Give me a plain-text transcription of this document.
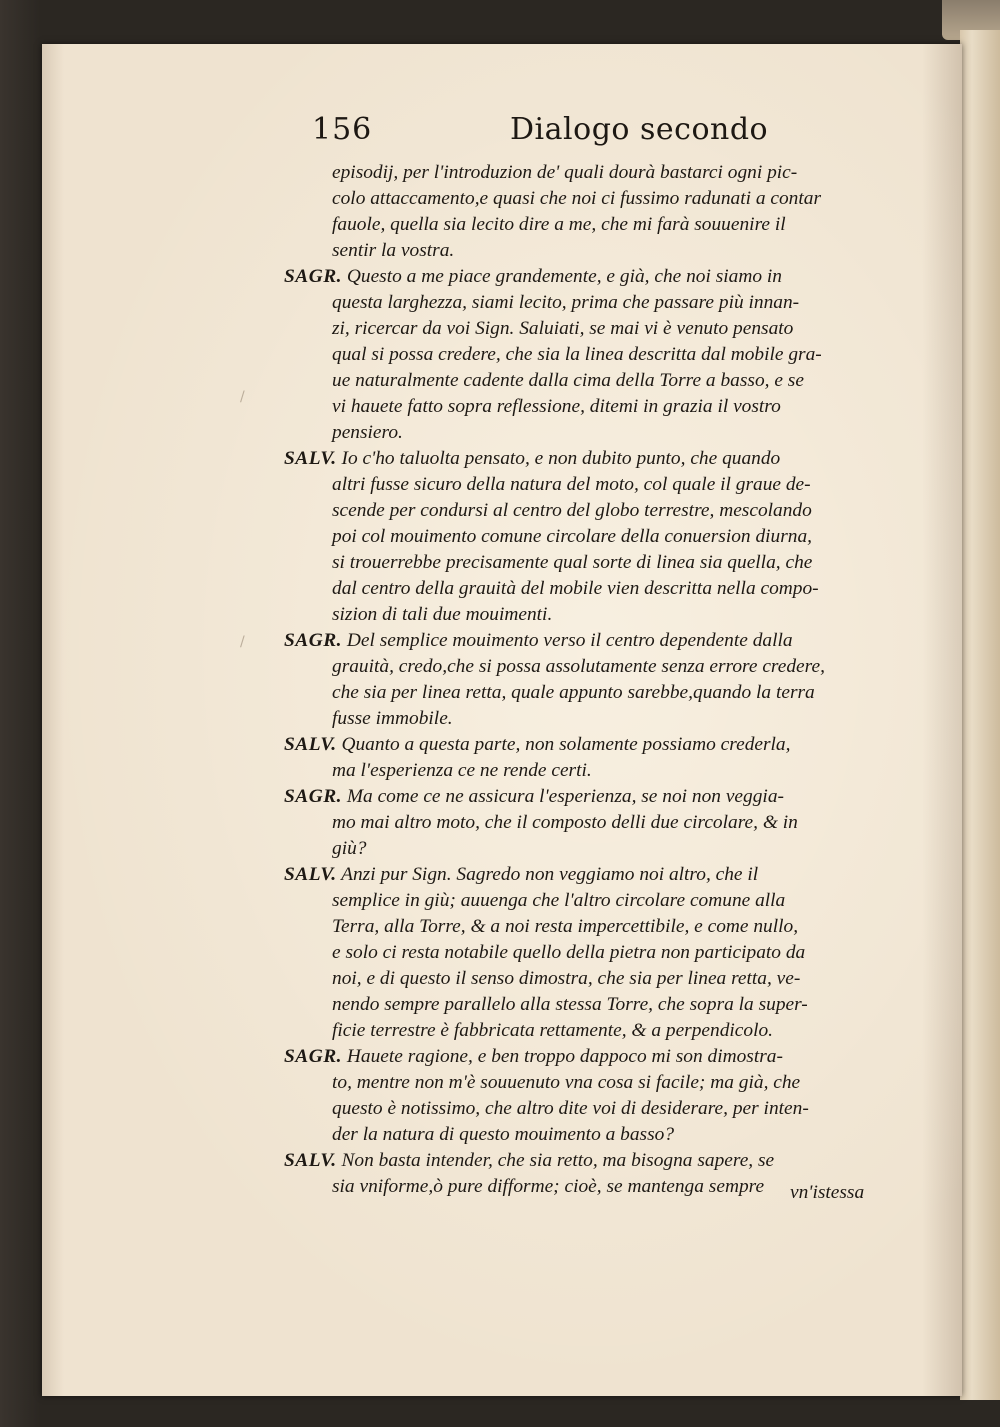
/
/
156	Dialogo secondo
episodij, per l'introduzion de' quali dourà bastarci ogni pic-
colo attaccamento,e quasi che noi ci fussimo radunati a contar
fauole, quella sia lecito dire a me, che mi farà souuenire il
sentir la vostra.
SAGR. Questo a me piace grandemente, e già, che noi siamo in
questa larghezza, siami lecito, prima che passare più innan-
zi, ricercar da voi Sign. Saluiati, se mai vi è venuto pensato
qual si possa credere, che sia la linea descritta dal mobile gra-
ue naturalmente cadente dalla cima della Torre a basso, e se
vi hauete fatto sopra reflessione, ditemi in grazia il vostro
pensiero.
SALV. Io c'ho taluolta pensato, e non dubito punto, che quando
altri fusse sicuro della natura del moto, col quale il graue de-
scende per condursi al centro del globo terrestre, mescolando
poi col mouimento comune circolare della conuersion diurna,
si trouerrebbe precisamente qual sorte di linea sia quella, che
dal centro della grauità del mobile vien descritta nella compo-
sizion di tali due mouimenti.
SAGR. Del semplice mouimento verso il centro dependente dalla
grauità, credo,che si possa assolutamente senza errore credere,
che sia per linea retta, quale appunto sarebbe,quando la terra
fusse immobile.
SALV. Quanto a questa parte, non solamente possiamo crederla,
ma l'esperienza ce ne rende certi.
SAGR. Ma come ce ne assicura l'esperienza, se noi non veggia-
mo mai altro moto, che il composto delli due circolare, & in
giù?
SALV. Anzi pur Sign. Sagredo non veggiamo noi altro, che il
semplice in giù; auuenga che l'altro circolare comune alla
Terra, alla Torre, & a noi resta impercettibile, e come nullo,
e solo ci resta notabile quello della pietra non participato da
noi, e di questo il senso dimostra, che sia per linea retta, ve-
nendo sempre parallelo alla stessa Torre, che sopra la super-
ficie terrestre è fabbricata rettamente, & a perpendicolo.
SAGR. Hauete ragione, e ben troppo dappoco mi son dimostra-
to, mentre non m'è souuenuto vna cosa si facile; ma già, che
questo è notissimo, che altro dite voi di desiderare, per inten-
der la natura di questo mouimento a basso?
SALV. Non basta intender, che sia retto, ma bisogna sapere, se
sia vniforme,ò pure difforme; cioè, se mantenga sempre vn'istessa
